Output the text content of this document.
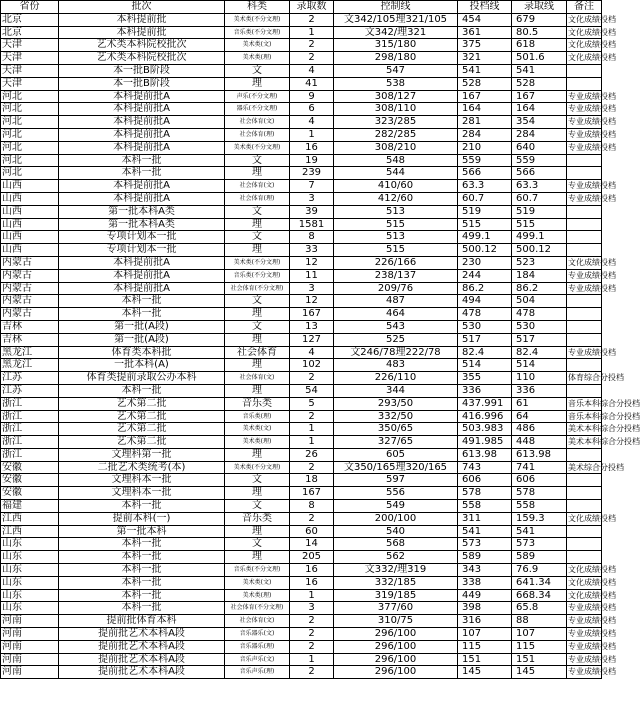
省份	批次	科类	录取数	控制线	投档线	录取线	备注
北京	本科提前批	美术类(不分文理)	2	文342/105理321/105	454	679	文化成绩投档
北京	本科提前批	音乐类(不分文理)	1	文342/理321	361	80.5	文化成绩投档
天津	艺术类本科院校批次	美术类(文)	2	315/180	375	618	文化成绩投档
天津	艺术类本科院校批次	美术类(理)	2	298/180	321	501.6	文化成绩投档
天津	本一批B阶段	文	4	547	541	541	
天津	本一批B阶段	理	41	538	528	528	
河北	本科提前批A	声乐(不分文理)	9	308/127	167	167	专业成绩投档
河北	本科提前批A	器乐(不分文理)	6	308/110	164	164	专业成绩投档
河北	本科提前批A	社会体育(文)	4	323/285	281	354	专业成绩投档
河北	本科提前批A	社会体育(理)	1	282/285	284	284	专业成绩投档
河北	本科提前批A	美术类(不分文理)	16	308/210	210	640	专业成绩投档
河北	本科一批	文	19	548	559	559	
河北	本科一批	理	239	544	566	566	
山西	本科提前批A	社会体育(文)	7	410/60	63.3	63.3	专业成绩投档
山西	本科提前批A	社会体育(理)	3	412/60	60.7	60.7	专业成绩投档
山西	第一批本科A类	文	39	513	519	519	
山西	第一批本科A类	理	1581	515	515	515	
山西	专项计划本一批	文	8	513	499.1	499.1	
山西	专项计划本一批	理	33	515	500.12	500.12	
内蒙古	本科提前批A	美术类(不分文理)	12	226/166	230	523	文化成绩投档
内蒙古	本科提前批A	音乐类(不分文理)	11	238/137	244	184	专业成绩投档
内蒙古	本科提前批A	社会体育(不分文理)	3	209/76	86.2	86.2	专业成绩投档
内蒙古	本科一批	文	12	487	494	504	
内蒙古	本科一批	理	167	464	478	478	
吉林	第一批(A段)	文	13	543	530	530	
吉林	第一批(A段)	理	127	525	517	517	
黑龙江	体育类本科批	社会体育	4	文246/78理222/78	82.4	82.4	专业成绩投档
黑龙江	一批本科(A)	理	102	483	514	514	
江苏	体育类提前录取公办本科	社会体育(文)	2	226/110	355	110	体育综合分投档
江苏	本科一批	理	54	344	336	336	
浙江	艺术第二批	音乐类	5	293/50	437.991	61	音乐本科综合分投档
浙江	艺术第二批	音乐类(理)	2	332/50	416.996	64	音乐本科综合分投档
浙江	艺术第二批	美术类(文)	1	350/65	503.983	486	美术本科综合分投档
浙江	艺术第二批	美术类(理)	1	327/65	491.985	448	美术本科综合分投档
浙江	文理科第一批	理	26	605	613.98	613.98	
安徽	二批艺术类统考(本)	美术类(不分文理)	2	文350/165理320/165	743	741	美术综合分投档
安徽	文理科本一批	文	18	597	606	606	
安徽	文理科本一批	理	167	556	578	578	
福建	本科一批	文	8	549	558	558	
江西	提前本科(一)	音乐类	2	200/100	311	159.3	文化成绩投档
江西	第一批本科	理	60	540	541	541	
山东	本科一批	文	14	568	573	573	
山东	本科一批	理	205	562	589	589	
山东	本科一批	音乐类(不分文理)	16	文332/理319	343	76.9	文化成绩投档
山东	本科一批	美术类(文)	16	332/185	338	641.34	文化成绩投档
山东	本科一批	美术类(理)	1	319/185	449	668.34	文化成绩投档
山东	本科一批	社会体育(不分文理)	3	377/60	398	65.8	专业成绩投档
河南	提前批体育本科	社会体育(文)	2	310/75	316	88	专业成绩投档
河南	提前批艺术本科A段	音乐器乐(文)	2	296/100	107	107	专业成绩投档
河南	提前批艺术本科A段	音乐器乐(理)	2	296/100	115	115	专业成绩投档
河南	提前批艺术本科A段	音乐声乐(文)	1	296/100	151	151	专业成绩投档
河南	提前批艺术本科A段	音乐声乐(理)	2	296/100	145	145	专业成绩投档
